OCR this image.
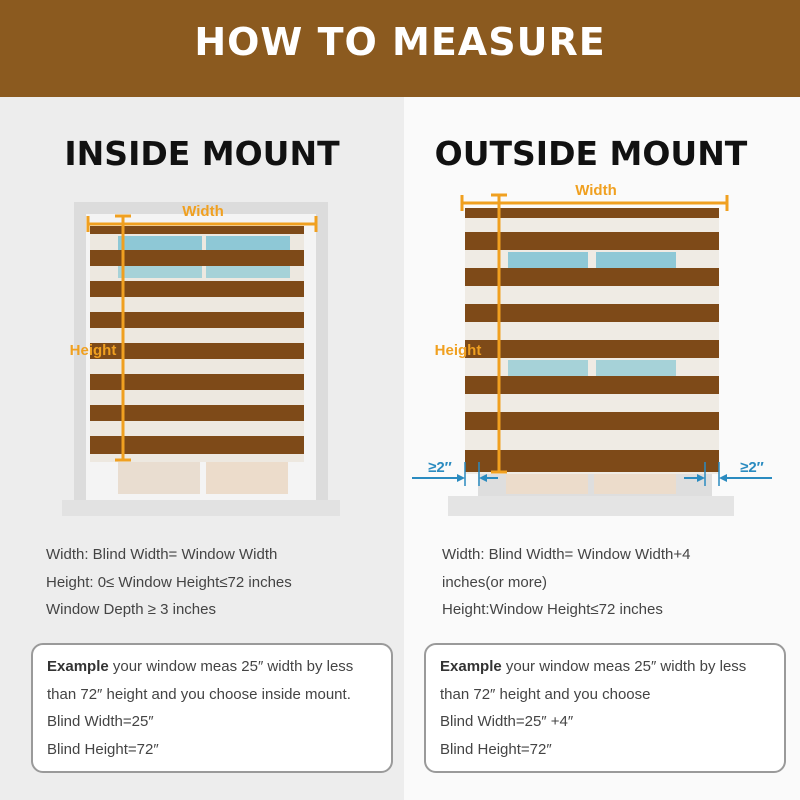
HOW TO MEASURE
INSIDE MOUNT	OUTSIDE MOUNT
Width
Height
Width
Height
≥2″	≥2″
Width: Blind Width= Window Width
Height: 0≤ Window Height≤72 inches
Window Depth ≥ 3 inches
Width: Blind Width= Window Width+4
inches(or more)
Height:Window Height≤72 inches
Example your window meas 25″ width by less
than 72″ height and you choose inside mount.
Blind Width=25″
Blind Height=72″
Example your window meas 25″ width by less
than 72″ height and you choose
Blind Width=25″ +4″
Blind Height=72″
